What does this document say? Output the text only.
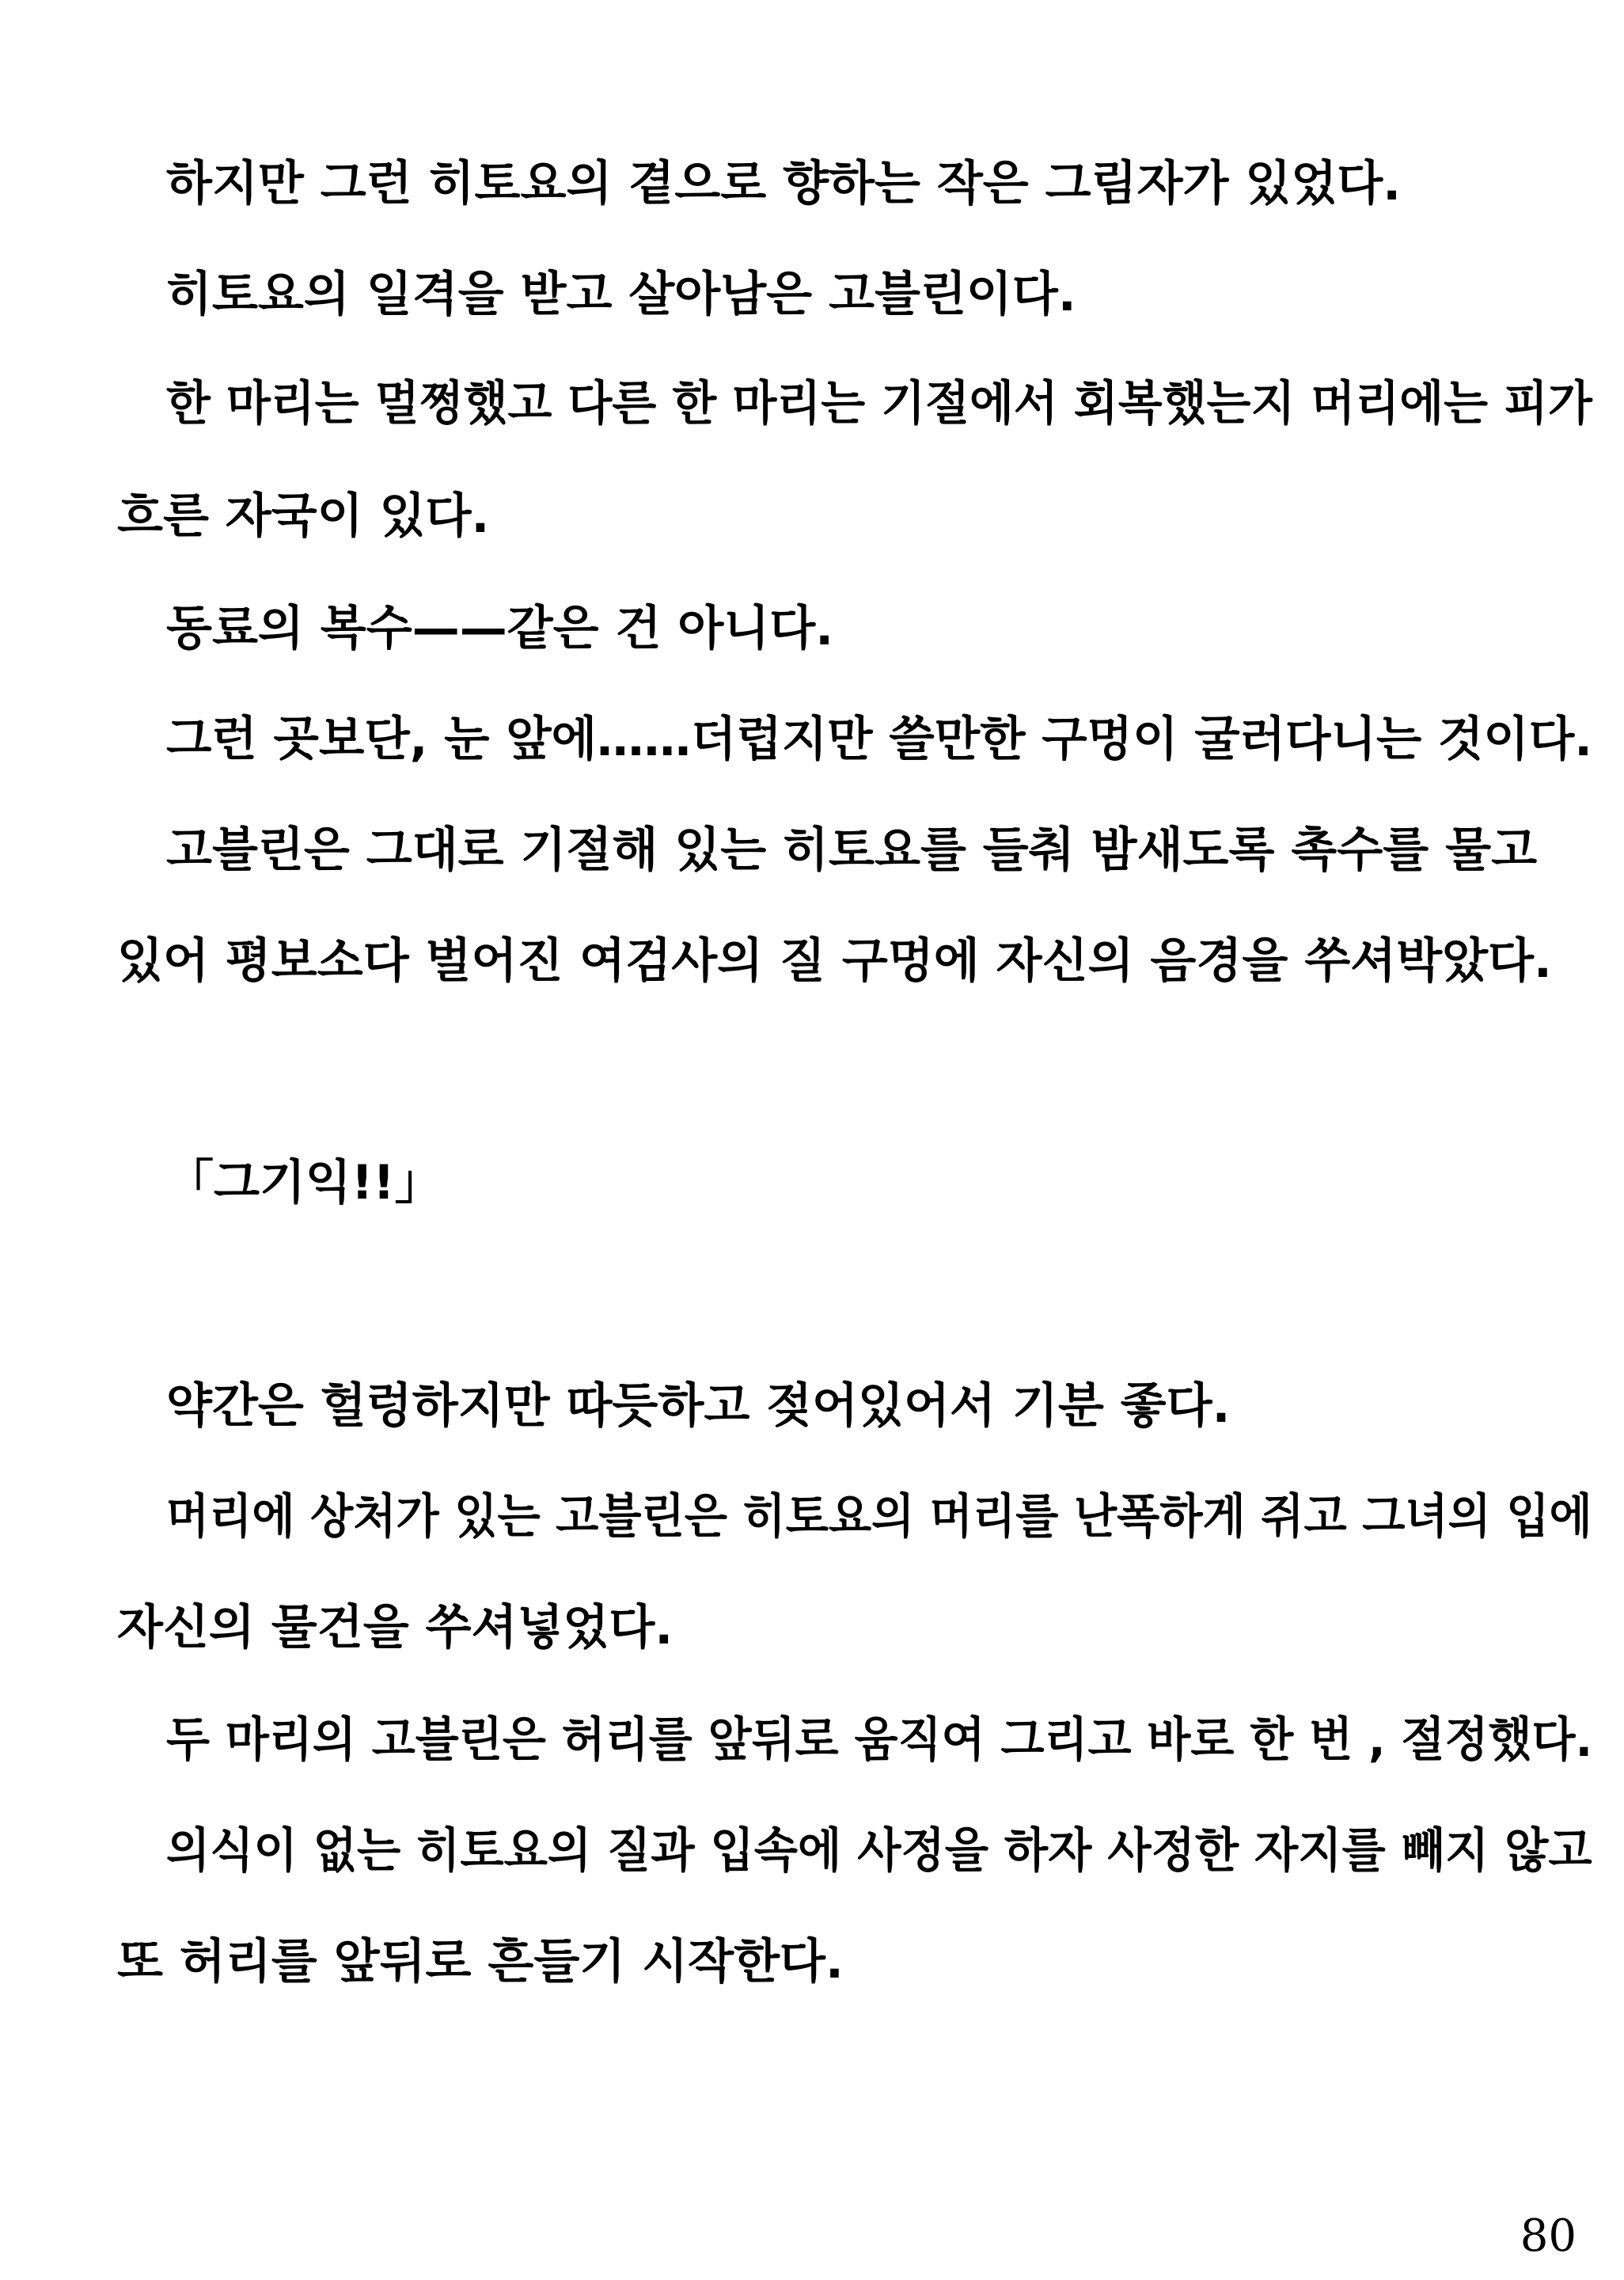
하지만 그런 히토요의 곁으로 향하는 작은 그림자가 있었다.

히토요의 일격을 받고 살아남은 고블린이다.

한 마리는 멀쩡했고 다른 한 마리는 기절에서 회복했는지 머리에는 피가

흐른 자국이 있다.

동료의 복수——같은 건 아니다.

그런 곳보단, 눈 앞에……더럽지만 쓸만한 구멍이 굴러다니는 것이다.

고블린은 그대로 기절해 있는 히토요를 들춰 밤새도록 촉수를 물고

있어 평보소다 벌어진 여검사의 질 구멍에 자신의 음경을 쑤셔박았다.

「그기익!!」

약간은 헐렁하지만 따듯하고 젖어있어서 기분 좋다.

머리에 상처가 있는 고블린은 히토요의 머리를 난폭하게 쥐고 그녀의 입에

자신의 물건을 쑤셔넣었다.

두 마리의 고블린은 허리를 앞뒤로 움직여 그리고 바로 한 번 , 절정했다.

의식이 없는 히토요의 질과 입속에 사정을 하자 사정한 자지를 빼지 않고

또 허리를 앞뒤로 흔들기 시작한다.

80
